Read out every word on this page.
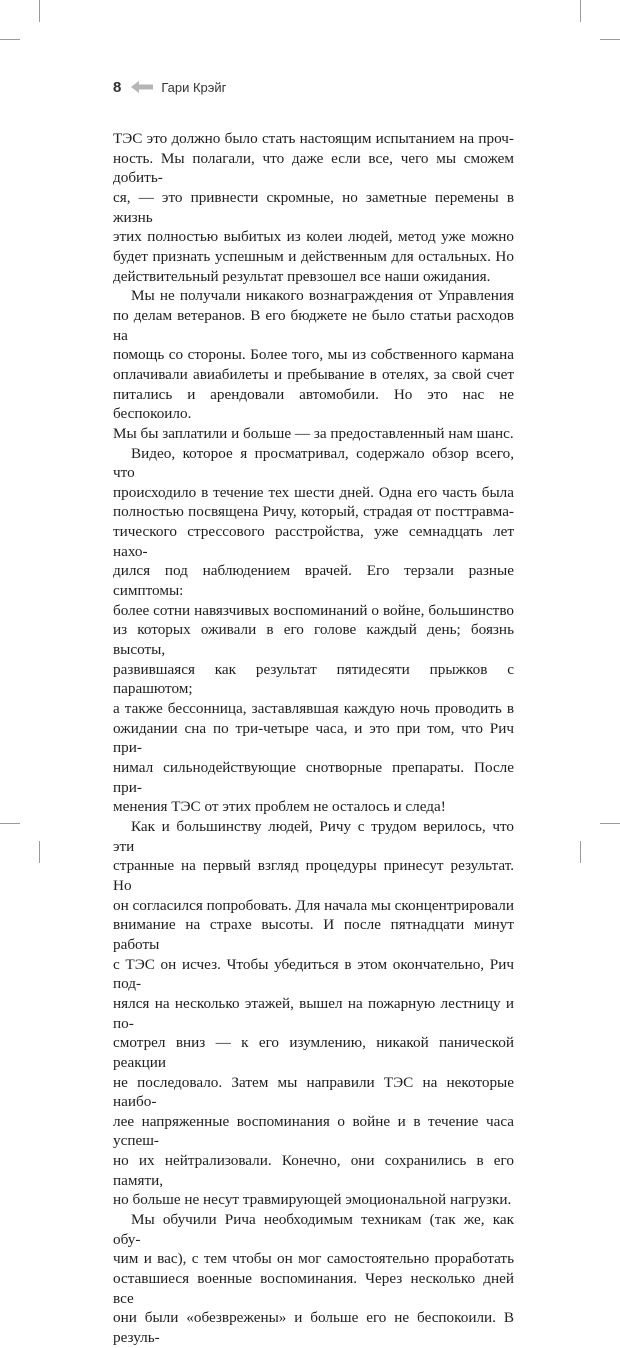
8	Гари Крэйг

ТЭС это должно было стать настоящим испытанием на проч-
ность. Мы полагали, что даже если все, чего мы сможем добить-
ся, — это привнести скромные, но заметные перемены в жизнь
этих полностью выбитых из колеи людей, метод уже можно
будет признать успешным и действенным для остальных. Но
действительный результат превзошел все наши ожидания.

Мы не получали никакого вознаграждения от Управления
по делам ветеранов. В его бюджете не было статьи расходов на
помощь со стороны. Более того, мы из собственного кармана
оплачивали авиабилеты и пребывание в отелях, за свой счет
питались и арендовали автомобили. Но это нас не беспокоило.
Мы бы заплатили и больше — за предоставленный нам шанс.

Видео, которое я просматривал, содержало обзор всего, что
происходило в течение тех шести дней. Одна его часть была
полностью посвящена Ричу, который, страдая от посттравма-
тического стрессового расстройства, уже семнадцать лет нахо-
дился под наблюдением врачей. Его терзали разные симптомы:
более сотни навязчивых воспоминаний о войне, большинство
из которых оживали в его голове каждый день; боязнь высоты,
развившаяся как результат пятидесяти прыжков с парашютом;
а также бессонница, заставлявшая каждую ночь проводить в
ожидании сна по три-четыре часа, и это при том, что Рич при-
нимал сильнодействующие снотворные препараты. После при-
менения ТЭС от этих проблем не осталось и следа!

Как и большинству людей, Ричу с трудом верилось, что эти
странные на первый взгляд процедуры принесут результат. Но
он согласился попробовать. Для начала мы сконцентрировали
внимание на страхе высоты. И после пятнадцати минут работы
с ТЭС он исчез. Чтобы убедиться в этом окончательно, Рич под-
нялся на несколько этажей, вышел на пожарную лестницу и по-
смотрел вниз — к его изумлению, никакой панической реакции
не последовало. Затем мы направили ТЭС на некоторые наибо-
лее напряженные воспоминания о войне и в течение часа успеш-
но их нейтрализовали. Конечно, они сохранились в его памяти,
но больше не несут травмирующей эмоциональной нагрузки.

Мы обучили Рича необходимым техникам (так же, как обу-
чим и вас), с тем чтобы он мог самостоятельно проработать
оставшиеся военные воспоминания. Через несколько дней все
они были «обезврежены» и больше его не беспокоили. В резуль-
